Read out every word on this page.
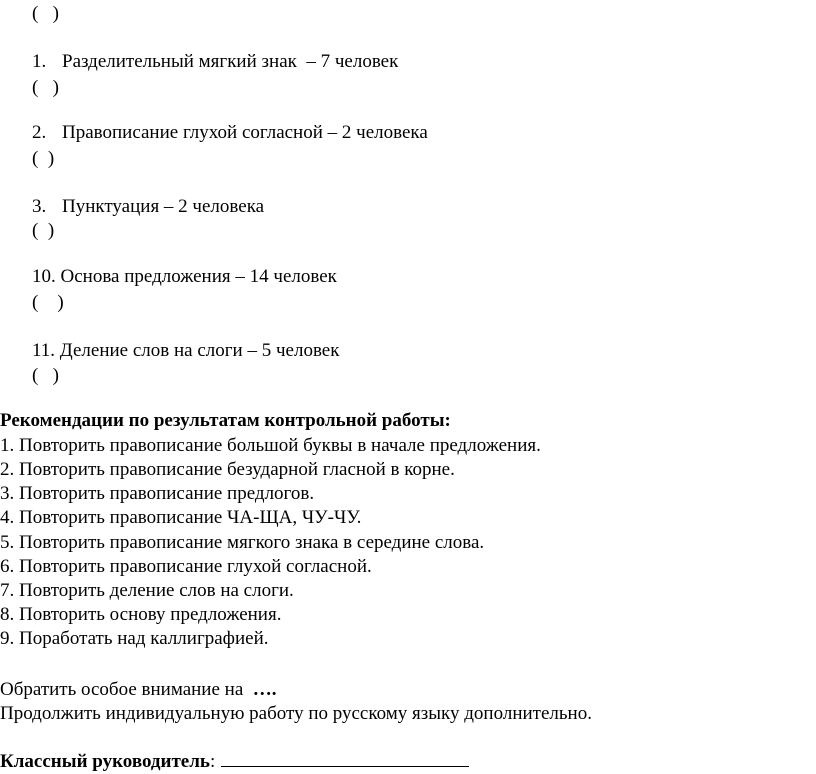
(   )
1. Разделительный мягкий знак  – 7 человек
(   )
2. Правописание глухой согласной – 2 человека
(  )
3. Пунктуация – 2 человека
(  )
10. Основа предложения – 14 человек
(    )
11. Деление слов на слоги – 5 человек
(   )
Рекомендации по результатам контрольной работы:
1. Повторить правописание большой буквы в начале предложения.
2. Повторить правописание безударной гласной в корне.
3. Повторить правописание предлогов.
4. Повторить правописание ЧА-ЩА, ЧУ-ЧУ.
5. Повторить правописание мягкого знака в середине слова.
6. Повторить правописание глухой согласной.
7. Повторить деление слов на слоги.
8. Повторить основу предложения.
9. Поработать над каллиграфией.
Обратить особое внимание на  ….
Продолжить индивидуальную работу по русскому языку дополнительно.
Классный руководитель:
